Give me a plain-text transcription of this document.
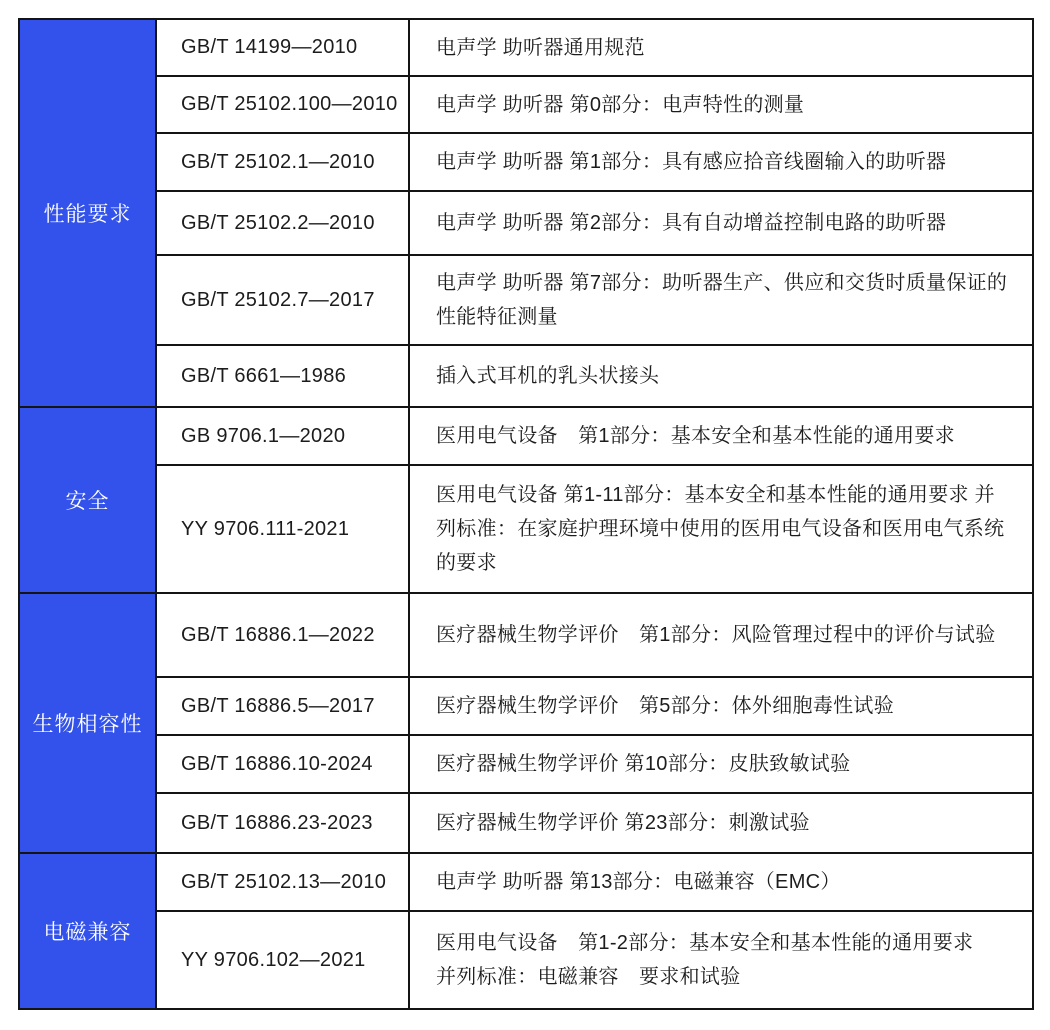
性能要求	GB/T 14199—2010	电声学 助听器通用规范
	GB/T 25102.100—2010	电声学 助听器 第0部分：电声特性的测量
	GB/T 25102.1—2010	电声学 助听器 第1部分：具有感应拾音线圈输入的助听器
	GB/T 25102.2—2010	电声学 助听器 第2部分：具有自动增益控制电路的助听器
	GB/T 25102.7—2017	电声学 助听器 第7部分：助听器生产、供应和交货时质量保证的性能特征测量
	GB/T 6661—1986	插入式耳机的乳头状接头
安全	GB 9706.1—2020	医用电气设备　第1部分：基本安全和基本性能的通用要求
	YY 9706.111-2021	医用电气设备 第1-11部分：基本安全和基本性能的通用要求 并列标准：在家庭护理环境中使用的医用电气设备和医用电气系统的要求
生物相容性	GB/T 16886.1—2022	医疗器械生物学评价　第1部分：风险管理过程中的评价与试验
	GB/T 16886.5—2017	医疗器械生物学评价　第5部分：体外细胞毒性试验
	GB/T 16886.10-2024	医疗器械生物学评价 第10部分：皮肤致敏试验
	GB/T 16886.23-2023	医疗器械生物学评价 第23部分：刺激试验
电磁兼容	GB/T 25102.13—2010	电声学 助听器 第13部分：电磁兼容（EMC）
	YY 9706.102—2021	医用电气设备　第1-2部分：基本安全和基本性能的通用要求　并列标准：电磁兼容　要求和试验
